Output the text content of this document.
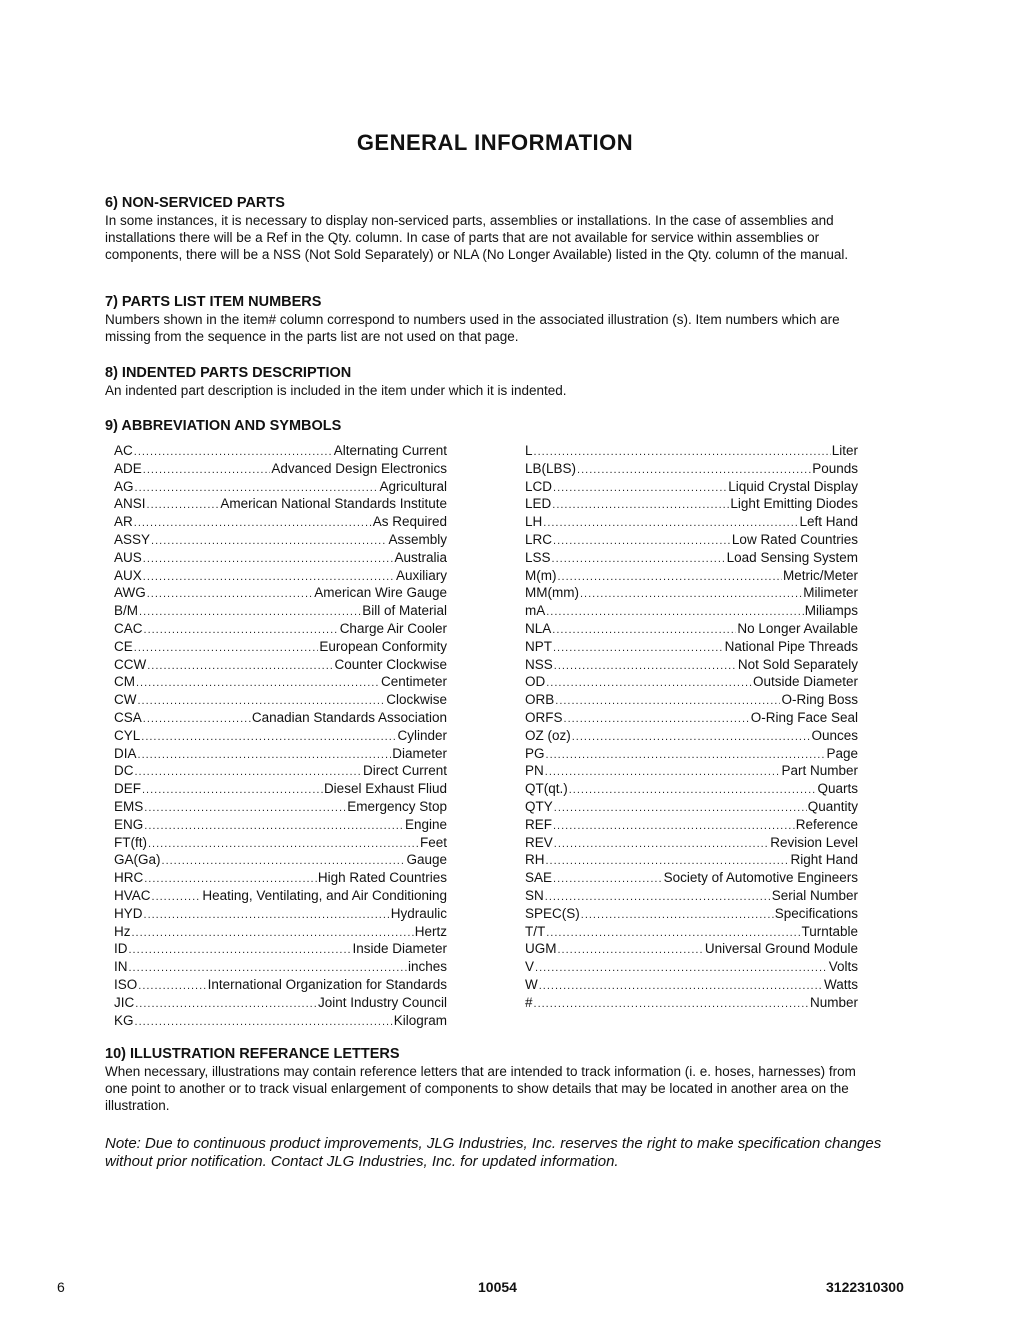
GENERAL INFORMATION
6) NON-SERVICED PARTS
In some instances, it is necessary to display non-serviced parts, assemblies or installations. In the case of assemblies and installations there will be a Ref in the Qty. column. In case of parts that are not available for service within assemblies or components, there will be a NSS (Not Sold Separately) or NLA (No Longer Available) listed in the Qty. column of the manual.
7) PARTS LIST ITEM NUMBERS
Numbers shown in the item# column correspond to numbers used in the associated illustration (s). Item numbers which are missing from the sequence in the parts list are not used on that page.
8) INDENTED PARTS DESCRIPTION
An indented part description is included in the item under which it is indented.
9) ABBREVIATION AND SYMBOLS
AC .....	Alternating Current
ADE .....	Advanced Design Electronics
AG .....	Agricultural
ANSI .....	American National Standards Institute
AR .....	As Required
ASSY .....	Assembly
AUS .....	Australia
AUX .....	Auxiliary
AWG .....	American Wire Gauge
B/M .....	Bill of Material
CAC .....	Charge Air Cooler
CE .....	European Conformity
CCW .....	Counter Clockwise
CM .....	Centimeter
CW .....	Clockwise
CSA .....	Canadian Standards Association
CYL .....	Cylinder
DIA .....	Diameter
DC .....	Direct Current
DEF .....	Diesel Exhaust Fliud
EMS .....	Emergency Stop
ENG .....	Engine
FT(ft) .....	Feet
GA(Ga) .....	Gauge
HRC .....	High Rated Countries
HVAC .....	Heating, Ventilating, and Air Conditioning
HYD .....	Hydraulic
Hz .....	Hertz
ID .....	Inside Diameter
IN .....	inches
ISO .....	International Organization for Standards
JIC .....	Joint Industry Council
KG .....	Kilogram
L .....	Liter
LB(LBS) .....	Pounds
LCD .....	Liquid Crystal Display
LED .....	Light Emitting Diodes
LH .....	Left Hand
LRC .....	Low Rated Countries
LSS .....	Load Sensing System
M(m) .....	Metric/Meter
MM(mm) .....	Milimeter
mA .....	Miliamps
NLA .....	No Longer Available
NPT .....	National Pipe Threads
NSS .....	Not Sold Separately
OD .....	Outside Diameter
ORB .....	O-Ring Boss
ORFS .....	O-Ring Face Seal
OZ (oz) .....	Ounces
PG .....	Page
PN .....	Part Number
QT(qt.) .....	Quarts
QTY .....	Quantity
REF .....	Reference
REV .....	Revision Level
RH .....	Right Hand
SAE .....	Society of Automotive Engineers
SN .....	Serial Number
SPEC(S) .....	Specifications
T/T .....	Turntable
UGM .....	Universal Ground Module
V .....	Volts
W .....	Watts
# .....	Number
10) ILLUSTRATION REFERANCE LETTERS
When necessary, illustrations may contain reference letters that are intended to track information (i. e. hoses, harnesses) from one point to another or to track visual enlargement of components to show details that may be located in another area on the illustration.
Note: Due to continuous product improvements, JLG Industries, Inc. reserves the right to make specification changes without prior notification. Contact JLG Industries, Inc. for updated information.
6	10054	3122310300
